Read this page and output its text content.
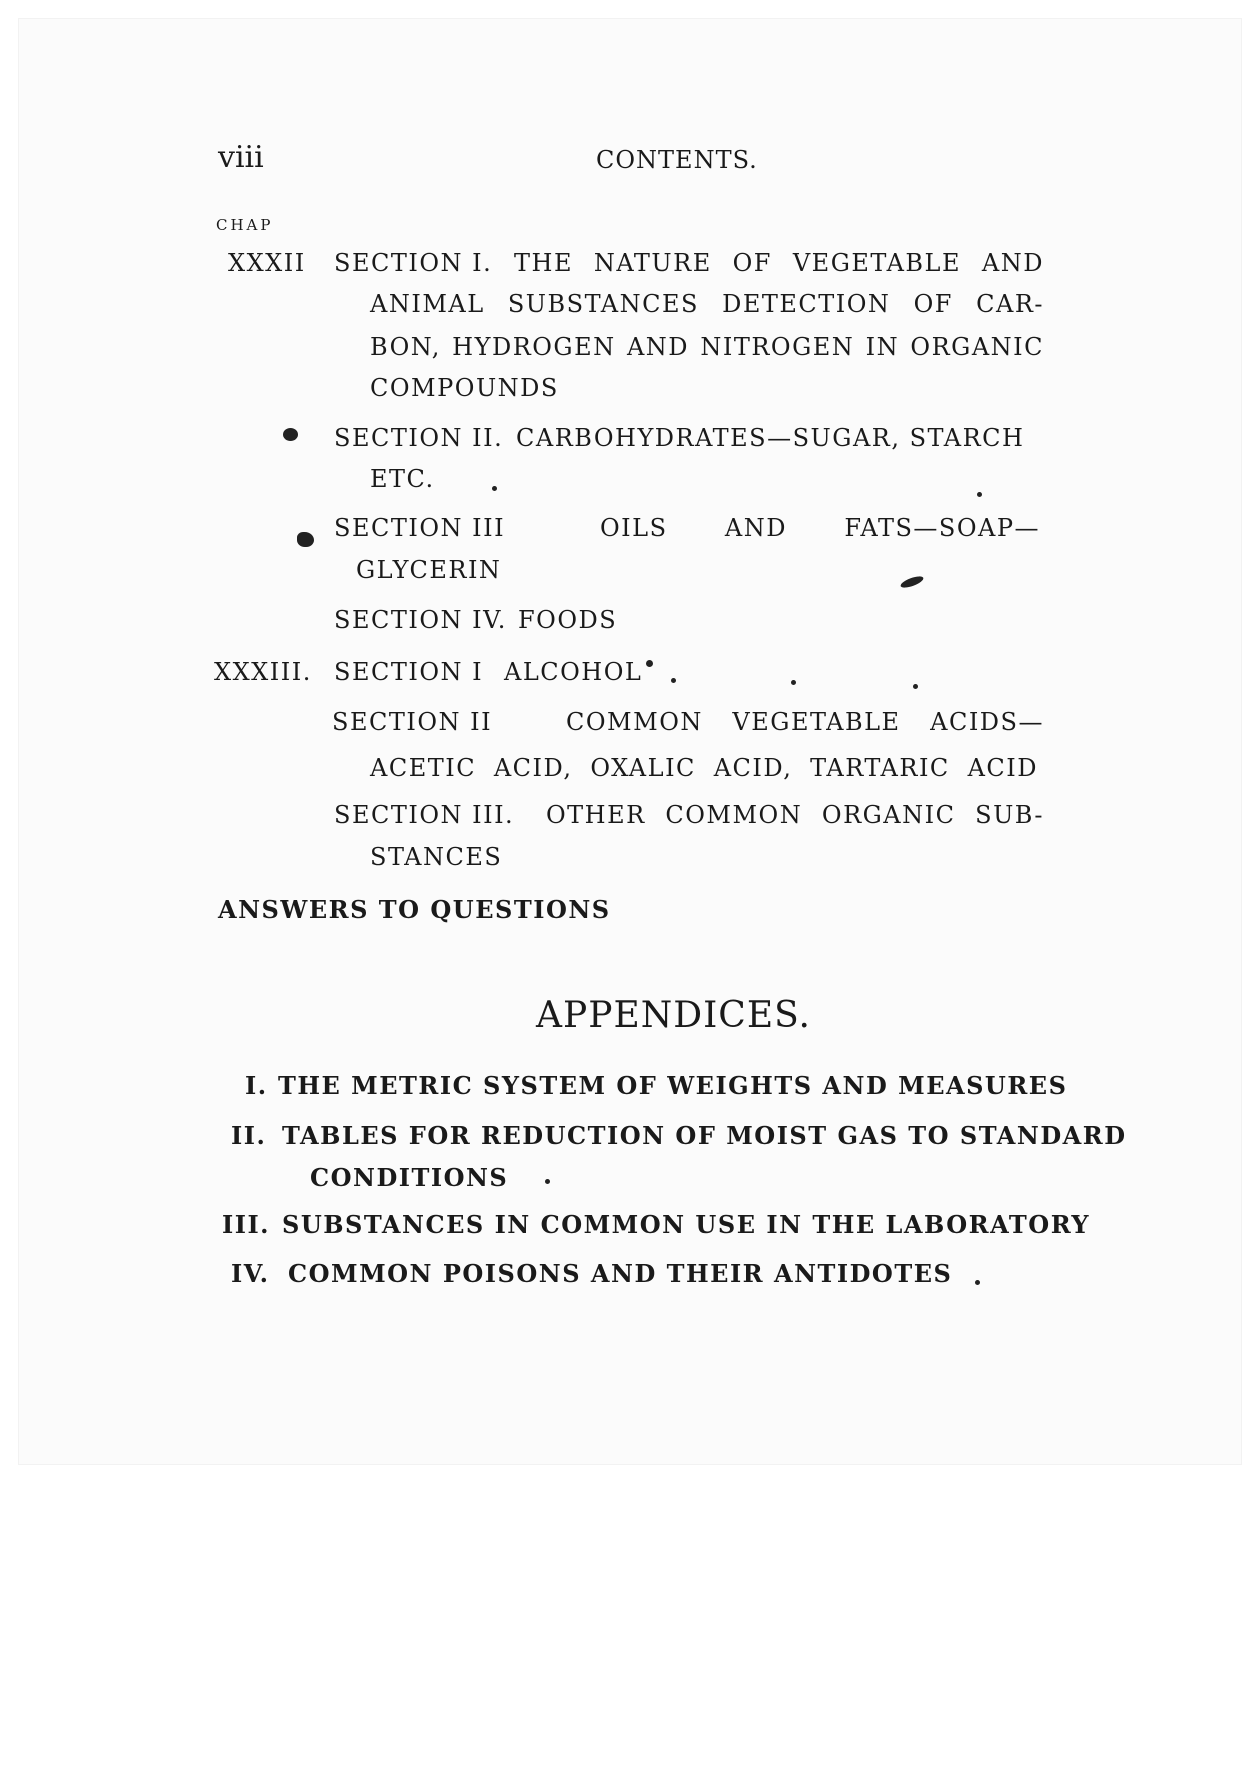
viii	CONTENTS.
CHAP
XXXII SECTION I. THE NATURE OF VEGETABLE AND
ANIMAL SUBSTANCES DETECTION OF CAR-
BON, HYDROGEN AND NITROGEN IN ORGANIC
COMPOUNDS
SECTION II. CARBOHYDRATES—SUGAR, STARCH
ETC.
SECTION III	OILS AND FATS—SOAP—
GLYCERIN
SECTION IV. FOODS
XXXIII. SECTION I ALCOHOL
SECTION II	COMMON VEGETABLE ACIDS—
ACETIC ACID, OXALIC ACID, TARTARIC ACID
SECTION III. OTHER COMMON ORGANIC SUB-
STANCES
ANSWERS TO QUESTIONS
APPENDICES.
I. THE METRIC SYSTEM OF WEIGHTS AND MEASURES
II. TABLES FOR REDUCTION OF MOIST GAS TO STANDARD
CONDITIONS
III. SUBSTANCES IN COMMON USE IN THE LABORATORY
IV. COMMON POISONS AND THEIR ANTIDOTES
